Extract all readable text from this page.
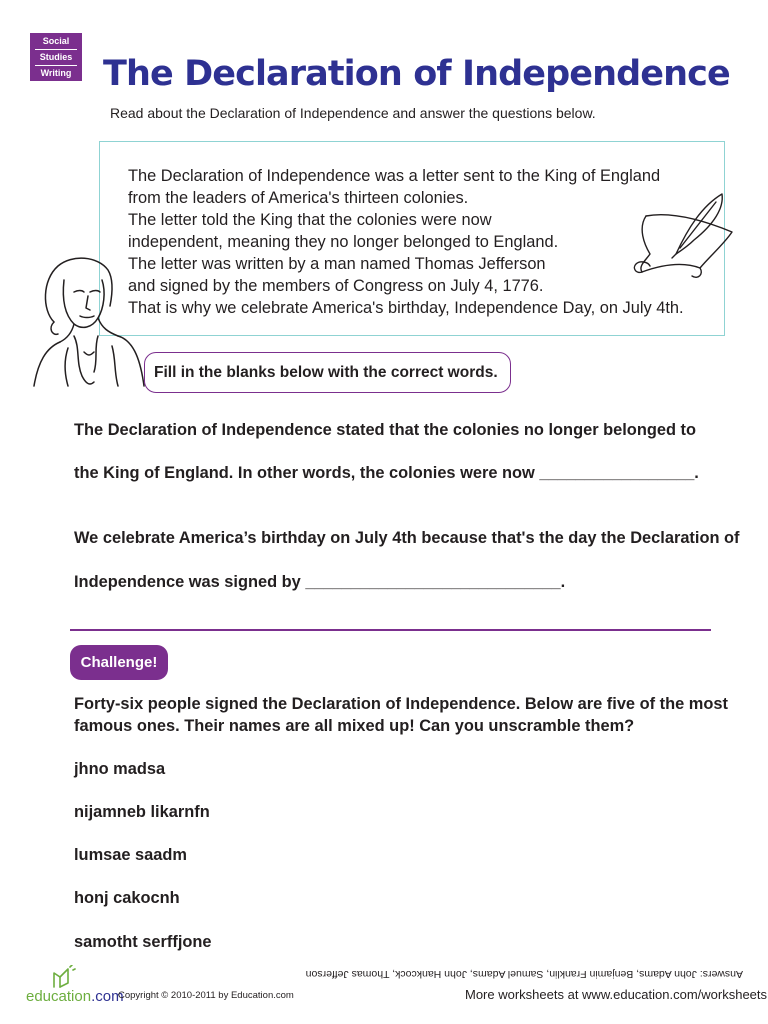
Social
Studies
Writing The Declaration of Independence
Read about the Declaration of Independence and answer the questions below.
The Declaration of Independence was a letter sent to the King of England
from the leaders of America's thirteen colonies.
The letter told the King that the colonies were now
independent, meaning they no longer belonged to England.
The letter was written by a man named Thomas Jefferson
and signed by the members of Congress on July 4, 1776.
That is why we celebrate America's birthday, Independence Day, on July 4th.
Fill in the blanks below with the correct words.
The Declaration of Independence stated that the colonies no longer belonged to
the King of England. In other words, the colonies were now _________________.
We celebrate America’s birthday on July 4th because that's the day the Declaration of
Independence was signed by ____________________________.
Challenge!
Forty-six people signed the Declaration of Independence. Below are five of the most
famous ones. Their names are all mixed up! Can you unscramble them?
jhno madsa
nijamneb likarnfn
lumsae saadm
honj cakocnh
samotht serffjone
Answers: John Adams, Benjamin Franklin, Samuel Adams, John Hankcock, Thomas Jefferson
education.com
Copyright © 2010-2011 by Education.com	More worksheets at www.education.com/worksheets
